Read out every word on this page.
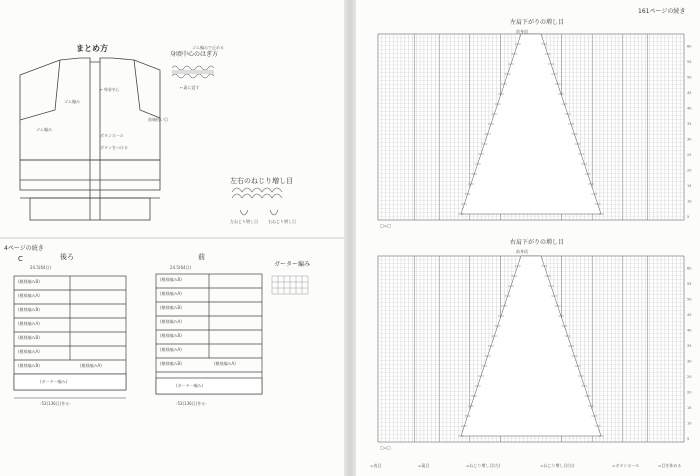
まとめ方
身頃中心のはぎ方
ゴム編みで止める
←裏に返す
←身頃中心
ゴム編み
前端拾い目
ゴム編み
ボタンホール
ボタンをつける
左右のねじり増し目
左ねじり増し目	右ねじり増し目
4ページの続き
C	後ろ	前
24.5(64目)	24.5(64目)
(模様編みB)
(模様編みA)
(模様編みB)
(模様編みA)
(模様編みB)
(模様編みA)
(模様編みB)	(模様編みA)
(ガーター編み)
-52(136目)作る-
(模様編みB)
(模様編みA)
(模様編みB)
(模様編みA)
(模様編みB)
(模様編みA)
(模様編みB)	(模様編みA)
(ガーター編み)
-52(136目)作る-
ガーター編み
5
10
15
20
25
30
35
40
45
50
55
60
5
10
15
20
25
30
35
40
45
50
55
60
161ページの続き
左肩下がりの増し目
右肩下がりの増し目
前身頃
前身頃
□=□
□=□
=表目	=裏目	=ねじり増し目(左)	=ねじり増し目(右)	=ボタンホール	=目を休める
